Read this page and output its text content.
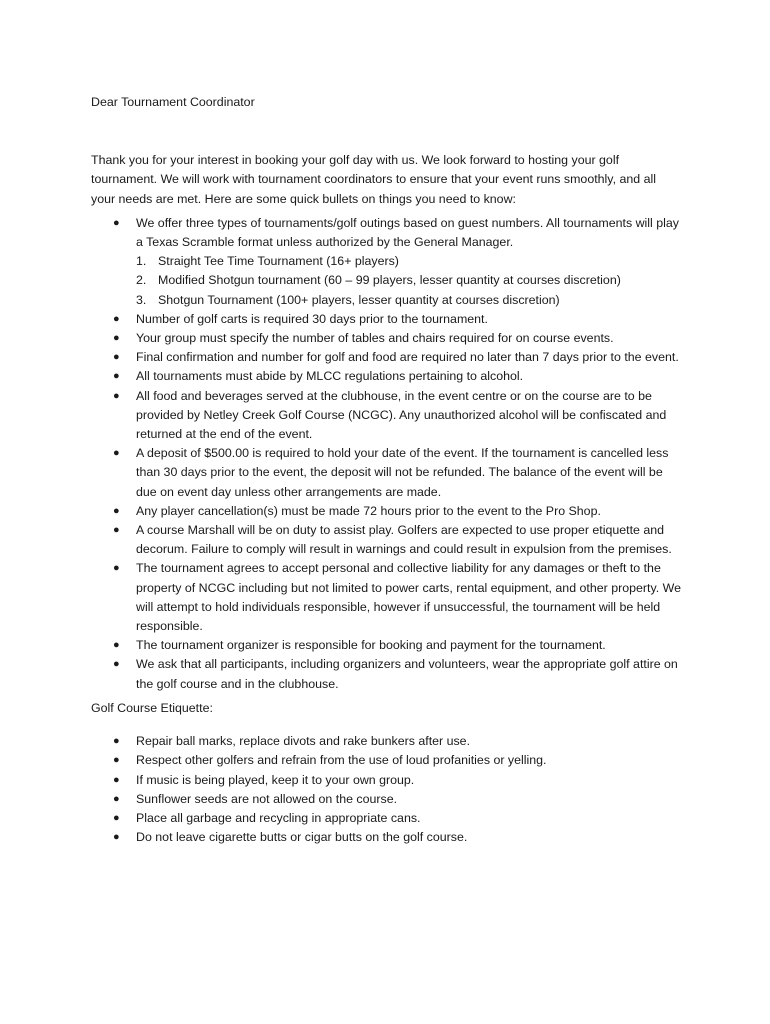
Dear Tournament Coordinator

Thank you for your interest in booking your golf day with us. We look forward to hosting your golf tournament. We will work with tournament coordinators to ensure that your event runs smoothly, and all your needs are met. Here are some quick bullets on things you need to know:

● We offer three types of tournaments/golf outings based on guest numbers. All tournaments will play a Texas Scramble format unless authorized by the General Manager.
1. Straight Tee Time Tournament (16+ players)
2. Modified Shotgun tournament (60 – 99 players, lesser quantity at courses discretion)
3. Shotgun Tournament (100+ players, lesser quantity at courses discretion)
● Number of golf carts is required 30 days prior to the tournament.
● Your group must specify the number of tables and chairs required for on course events.
● Final confirmation and number for golf and food are required no later than 7 days prior to the event.
● All tournaments must abide by MLCC regulations pertaining to alcohol.
● All food and beverages served at the clubhouse, in the event centre or on the course are to be provided by Netley Creek Golf Course (NCGC). Any unauthorized alcohol will be confiscated and returned at the end of the event.
● A deposit of $500.00 is required to hold your date of the event. If the tournament is cancelled less than 30 days prior to the event, the deposit will not be refunded. The balance of the event will be due on event day unless other arrangements are made.
● Any player cancellation(s) must be made 72 hours prior to the event to the Pro Shop.
● A course Marshall will be on duty to assist play. Golfers are expected to use proper etiquette and decorum. Failure to comply will result in warnings and could result in expulsion from the premises.
● The tournament agrees to accept personal and collective liability for any damages or theft to the property of NCGC including but not limited to power carts, rental equipment, and other property. We will attempt to hold individuals responsible, however if unsuccessful, the tournament will be held responsible.
● The tournament organizer is responsible for booking and payment for the tournament.
● We ask that all participants, including organizers and volunteers, wear the appropriate golf attire on the golf course and in the clubhouse.

Golf Course Etiquette:

● Repair ball marks, replace divots and rake bunkers after use.
● Respect other golfers and refrain from the use of loud profanities or yelling.
● If music is being played, keep it to your own group.
● Sunflower seeds are not allowed on the course.
● Place all garbage and recycling in appropriate cans.
● Do not leave cigarette butts or cigar butts on the golf course.
